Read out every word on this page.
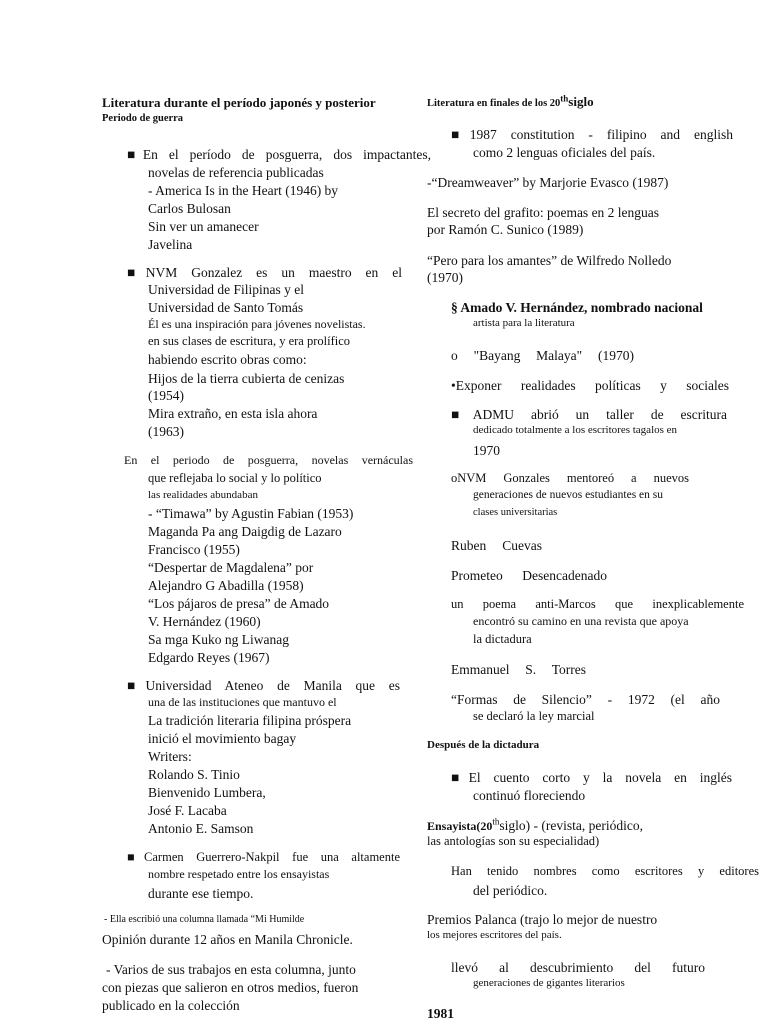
Literatura durante el período japonés y posterior
Periodo de guerra
■En el período de posguerra, dos impactantes,
novelas de referencia publicadas
- America Is in the Heart (1946) by
Carlos Bulosan
Sin ver un amanecer
Javelina
■NVM Gonzalez es un maestro en el
Universidad de Filipinas y el
Universidad de Santo Tomás
Él es una inspiración para jóvenes novelistas.
en sus clases de escritura, y era prolífico
habiendo escrito obras como:
Hijos de la tierra cubierta de cenizas
(1954)
Mira extraño, en esta isla ahora
(1963)
En el periodo de posguerra, novelas vernáculas
que reflejaba lo social y lo político
las realidades abundaban
- “Timawa” by Agustin Fabian (1953)
Maganda Pa ang Daigdig de Lazaro
Francisco (1955)
“Despertar de Magdalena” por
Alejandro G Abadilla (1958)
“Los pájaros de presa” de Amado
V. Hernández (1960)
Sa mga Kuko ng Liwanag
Edgardo Reyes (1967)
■Universidad Ateneo de Manila que es
una de las instituciones que mantuvo el
La tradición literaria filipina próspera
inició el movimiento bagay
Writers:
Rolando S. Tinio
Bienvenido Lumbera,
José F. Lacaba
Antonio E. Samson
■Carmen Guerrero-Nakpil fue una altamente
nombre respetado entre los ensayistas
durante ese tiempo.
- Ella escribió una columna llamada “Mi Humilde
Opinión durante 12 años en Manila Chronicle.
- Varios de sus trabajos en esta columna, junto
con piezas que salieron en otros medios, fueron
publicado en la colección
Literatura en finales de los 20thsiglo
■1987 constitution - filipino and english
como 2 lenguas oficiales del país.
-“Dreamweaver” by Marjorie Evasco (1987)
El secreto del grafito: poemas en 2 lenguas
por Ramón C. Sunico (1989)
“Pero para los amantes” de Wilfredo Nolledo
(1970)
§ Amado V. Hernández, nombrado nacional
artista para la literatura
o "Bayang Malaya" (1970)
•Exponer realidades políticas y sociales
■ADMU abrió un taller de escritura
dedicado totalmente a los escritores tagalos en
1970
oNVM Gonzales mentoreó a nuevos
generaciones de nuevos estudiantes en su
clases universitarias
Ruben Cuevas
Prometeo Desencadenado
un poema anti-Marcos que inexplicablemente
encontró su camino en una revista que apoya
la dictadura
Emmanuel S. Torres
“Formas de Silencio” - 1972 (el año
se declaró la ley marcial
Después de la dictadura
■El cuento corto y la novela en inglés
continuó floreciendo
Ensayista(20thsiglo) - (revista, periódico,
las antologías son su especialidad)
Han tenido nombres como escritores y editores
del periódico.
Premios Palanca (trajo lo mejor de nuestro
los mejores escritores del país.
llevó al descubrimiento del futuro
generaciones de gigantes literarios
1981
